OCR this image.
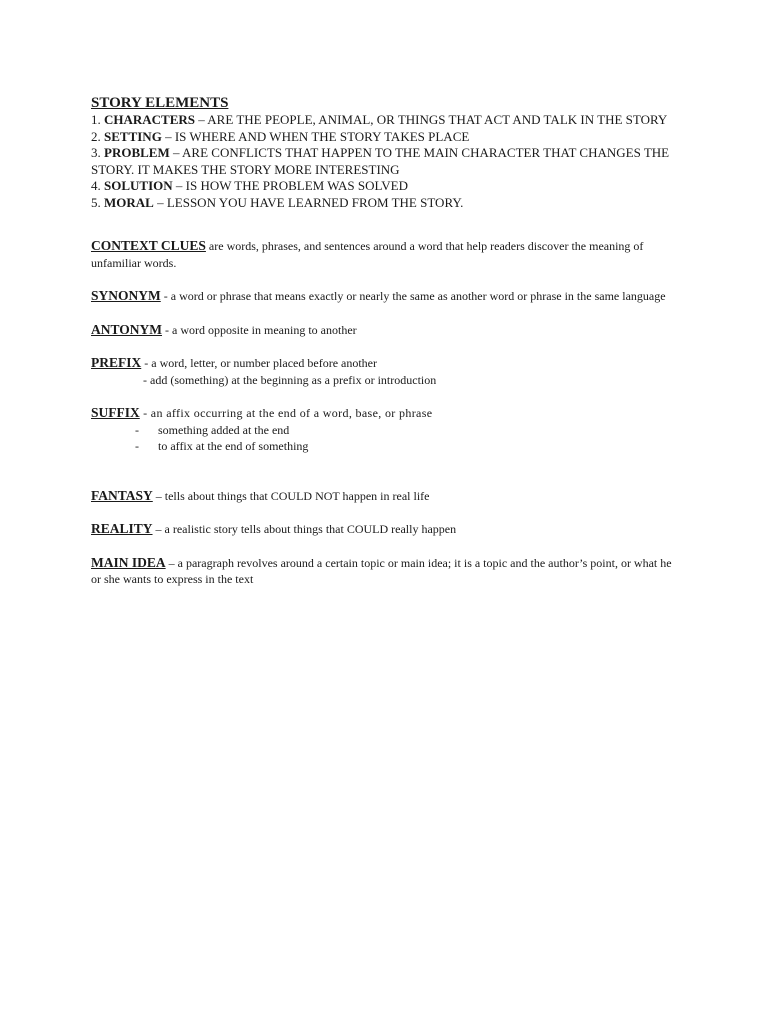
STORY ELEMENTS
1. CHARACTERS – ARE THE PEOPLE, ANIMAL, OR THINGS THAT ACT AND TALK IN THE STORY
2. SETTING – IS WHERE AND WHEN THE STORY TAKES PLACE
3. PROBLEM – ARE CONFLICTS THAT HAPPEN TO THE MAIN CHARACTER THAT CHANGES THE STORY. IT MAKES THE STORY MORE INTERESTING
4. SOLUTION – IS HOW THE PROBLEM WAS SOLVED
5. MORAL – LESSON YOU HAVE LEARNED FROM THE STORY.
CONTEXT CLUES are words, phrases, and sentences around a word that help readers discover the meaning of unfamiliar words.
SYNONYM - a word or phrase that means exactly or nearly the same as another word or phrase in the same language
ANTONYM - a word opposite in meaning to another
PREFIX - a word, letter, or number placed before another
- add (something) at the beginning as a prefix or introduction
SUFFIX - an affix occurring at the end of a word, base, or phrase
- something added at the end
- to affix at the end of something
FANTASY – tells about things that COULD NOT happen in real life
REALITY – a realistic story tells about things that COULD really happen
MAIN IDEA – a paragraph revolves around a certain topic or main idea; it is a topic and the author’s point, or what he or she wants to express in the text
